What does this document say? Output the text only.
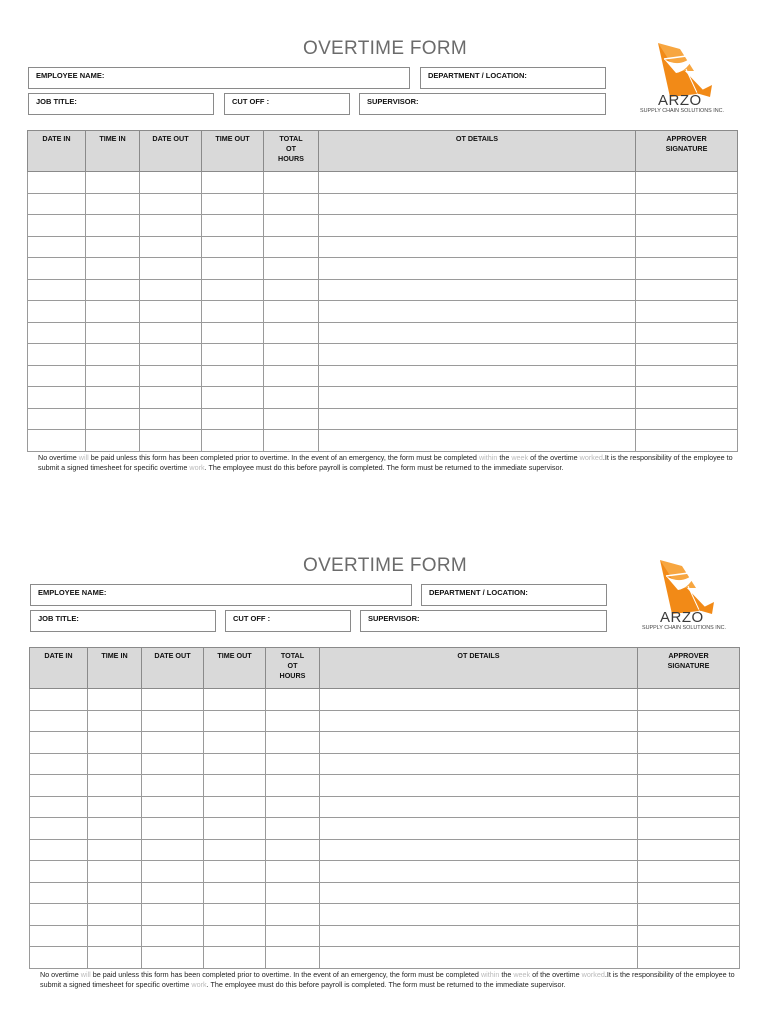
OVERTIME FORM
EMPLOYEE NAME:	DEPARTMENT / LOCATION:
JOB TITLE:	CUT OFF :	SUPERVISOR:	ARZO
SUPPLY CHAIN SOLUTIONS INC.
DATE IN	TIME IN	DATE OUT	TIME OUT	TOTAL
OT
HOURS	OT DETAILS	APPROVER
SIGNATURE

No overtime will be paid unless this form has been completed prior to overtime. In the event of an emergency, the form must be completed within the week of the overtime worked.It is the responsibility of the employee to submit a signed timesheet for specific overtime work. The employee must do this before payroll is completed. The form must be returned to the immediate supervisor.
OVERTIME FORM
EMPLOYEE NAME:	DEPARTMENT / LOCATION:
JOB TITLE:	CUT OFF :	SUPERVISOR:	ARZO
SUPPLY CHAIN SOLUTIONS INC.
DATE IN	TIME IN	DATE OUT	TIME OUT	TOTAL
OT
HOURS	OT DETAILS	APPROVER
SIGNATURE

No overtime will be paid unless this form has been completed prior to overtime. In the event of an emergency, the form must be completed within the week of the overtime worked.It is the responsibility of the employee to submit a signed timesheet for specific overtime work. The employee must do this before payroll is completed. The form must be returned to the immediate supervisor.
